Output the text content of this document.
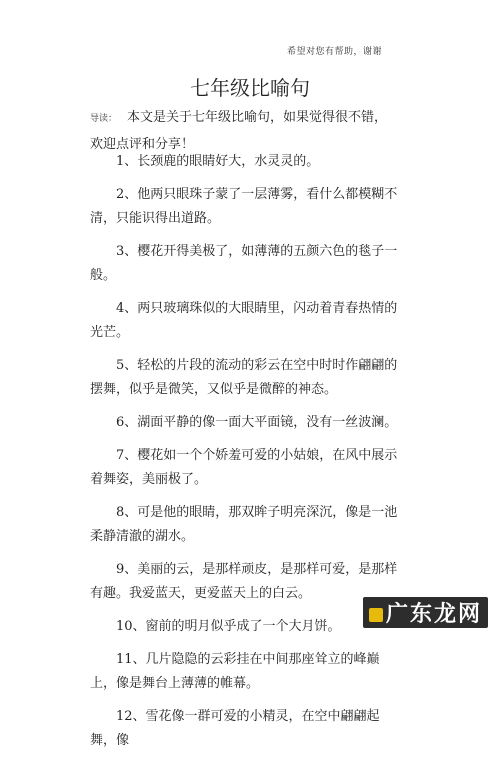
希望对您有帮助，谢谢
七年级比喻句
导读： 本文是关于七年级比喻句，如果觉得很不错，欢迎点评和分享！
1、长颈鹿的眼睛好大，水灵灵的。
2、他两只眼珠子蒙了一层薄雾，看什么都模糊不清，只能识得出道路。
3、樱花开得美极了，如薄薄的五颜六色的毯子一般。
4、两只玻璃珠似的大眼睛里，闪动着青春热情的光芒。
5、轻松的片段的流动的彩云在空中时时作翩翩的摆舞，似乎是微笑，又似乎是微醉的神态。
6、湖面平静的像一面大平面镜，没有一丝波澜。
7、樱花如一个个娇羞可爱的小姑娘，在风中展示着舞姿，美丽极了。
8、可是他的眼睛，那双眸子明亮深沉，像是一池柔静清澈的湖水。
9、美丽的云，是那样顽皮，是那样可爱，是那样有趣。我爱蓝天，更爱蓝天上的白云。
10、窗前的明月似乎成了一个大月饼。
11、几片隐隐的云彩挂在中间那座耸立的峰巅上，像是舞台上薄薄的帷幕。
12、雪花像一群可爱的小精灵，在空中翩翩起舞，像
广东龙网
